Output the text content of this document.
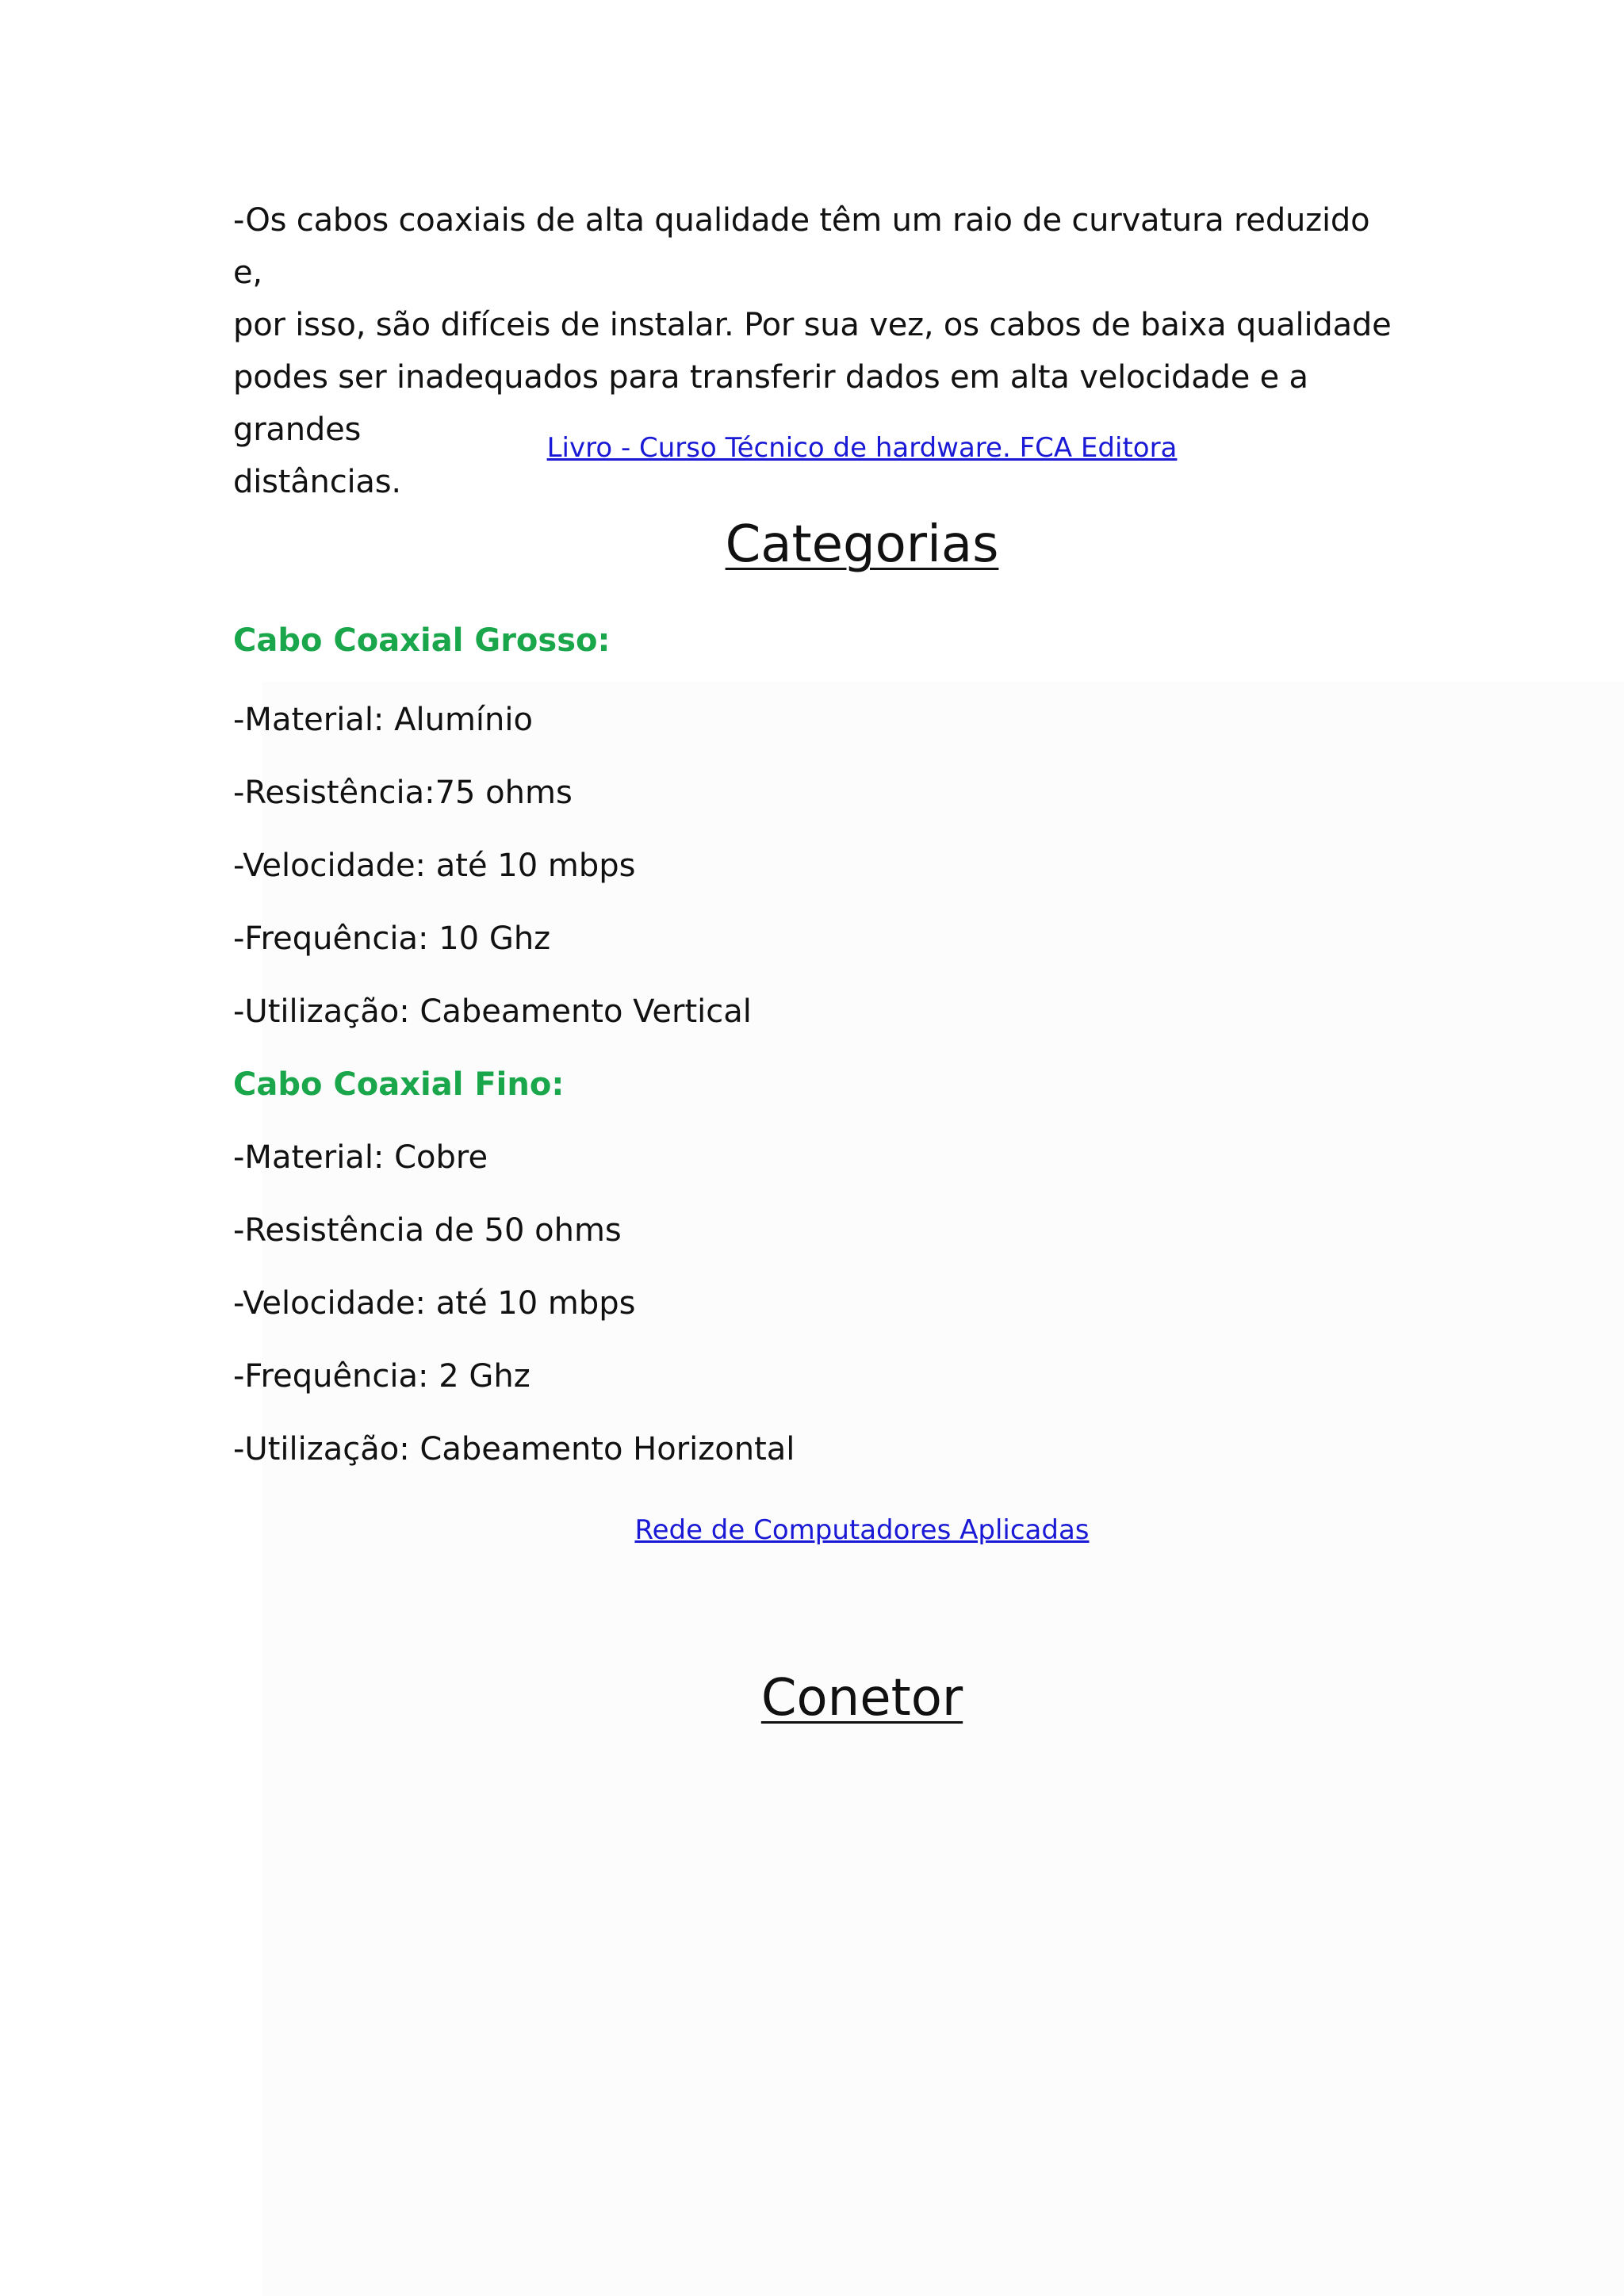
-Os cabos coaxiais de alta qualidade têm um raio de curvatura reduzido e,
por isso, são difíceis de instalar. Por sua vez, os cabos de baixa qualidade
podes ser inadequados para transferir dados em alta velocidade e a grandes
distâncias.
Livro - Curso Técnico de hardware. FCA Editora
Categorias

Cabo Coaxial Grosso:

-Material: Alumínio

-Resistência:75 ohms

-Velocidade: até 10 mbps

-Frequência: 10 Ghz

-Utilização: Cabeamento Vertical

Cabo Coaxial Fino:

-Material: Cobre

-Resistência de 50 ohms

-Velocidade: até 10 mbps

-Frequência: 2 Ghz

-Utilização: Cabeamento Horizontal

Rede de Computadores Aplicadas
Conetor
